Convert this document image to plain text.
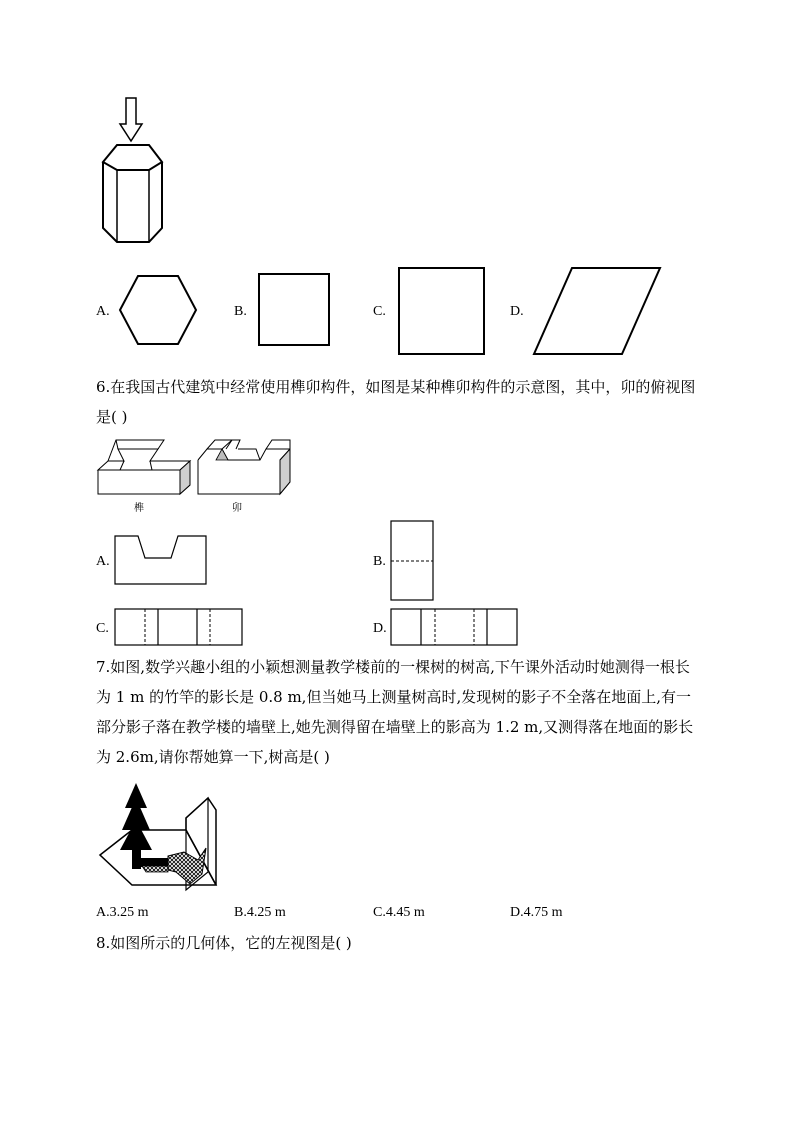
A.	B.	C.	D.
6.在我国古代建筑中经常使用榫卯构件，如图是某种榫卯构件的示意图，其中，卯的俯视图是( )
榫	卯
A.	B.
C.	D.
7.如图,数学兴趣小组的小颖想测量教学楼前的一棵树的树高,下午课外活动时她测得一根长为 1 m 的竹竿的影长是 0.8 m,但当她马上测量树高时,发现树的影子不全落在地面上,有一部分影子落在教学楼的墙壁上,她先测得留在墙壁上的影高为 1.2 m,又测得落在地面的影长为 2.6m,请你帮她算一下,树高是( )
A.3.25 m	B.4.25 m	C.4.45 m	D.4.75 m
8.如图所示的几何体，它的左视图是( )
